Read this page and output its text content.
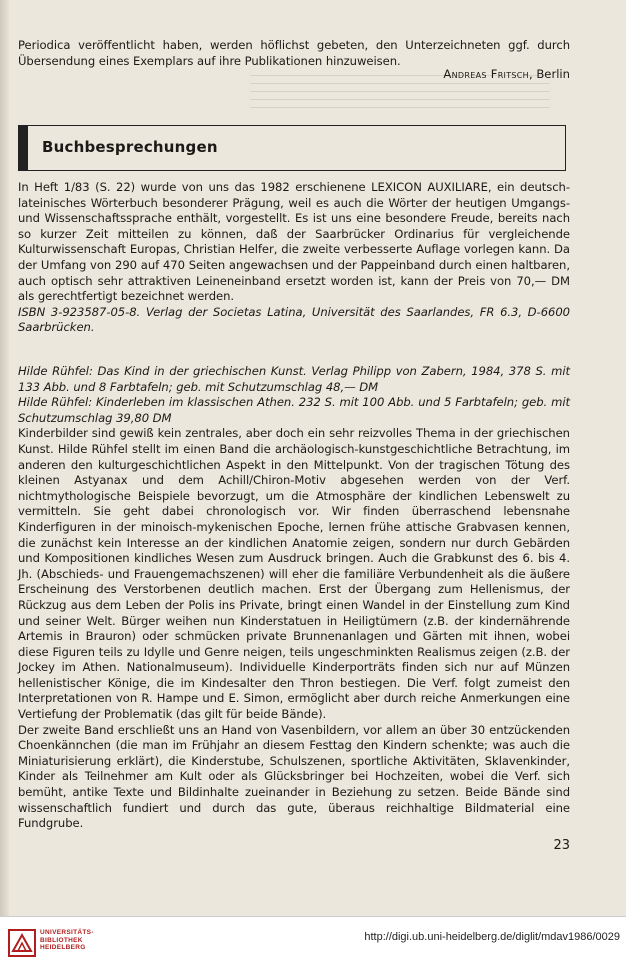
Periodica veröffentlicht haben, werden höflichst gebeten, den Unterzeichneten ggf. durch Übersendung eines Exemplars auf ihre Publikationen hinzuweisen.

Andreas Fritsch, Berlin
Buchbesprechungen

In Heft 1/83 (S. 22) wurde von uns das 1982 erschienene LEXICON AUXILIARE, ein deutsch-lateinisches Wörterbuch besonderer Prägung, weil es auch die Wörter der heutigen Umgangs- und Wissenschaftssprache enthält, vorgestellt. Es ist uns eine besondere Freude, bereits nach so kurzer Zeit mitteilen zu können, daß der Saarbrücker Ordinarius für vergleichende Kulturwissenschaft Europas, Christian Helfer, die zweite verbesserte Auflage vorlegen kann. Da der Umfang von 290 auf 470 Seiten angewachsen und der Pappeinband durch einen haltbaren, auch optisch sehr attraktiven Leineneinband ersetzt worden ist, kann der Preis von 70,— DM als gerechtfertigt bezeichnet werden.

ISBN 3-923587-05-8. Verlag der Societas Latina, Universität des Saarlandes, FR 6.3, D-6600 Saarbrücken.

Hilde Rühfel: Das Kind in der griechischen Kunst. Verlag Philipp von Zabern, 1984, 378 S. mit 133 Abb. und 8 Farbtafeln; geb. mit Schutzumschlag 48,— DM

Hilde Rühfel: Kinderleben im klassischen Athen. 232 S. mit 100 Abb. und 5 Farbtafeln; geb. mit Schutzumschlag 39,80 DM

Kinderbilder sind gewiß kein zentrales, aber doch ein sehr reizvolles Thema in der griechischen Kunst. Hilde Rühfel stellt im einen Band die archäologisch-kunstgeschichtliche Betrachtung, im anderen den kulturgeschichtlichen Aspekt in den Mittelpunkt. Von der tragischen Tötung des kleinen Astyanax und dem Achill/Chiron-Motiv abgesehen werden von der Verf. nichtmythologische Beispiele bevorzugt, um die Atmosphäre der kindlichen Lebenswelt zu vermitteln. Sie geht dabei chronologisch vor. Wir finden überraschend lebensnahe Kinderfiguren in der minoisch-mykenischen Epoche, lernen frühe attische Grabvasen kennen, die zunächst kein Interesse an der kindlichen Anatomie zeigen, sondern nur durch Gebärden und Kompositionen kindliches Wesen zum Ausdruck bringen. Auch die Grabkunst des 6. bis 4. Jh. (Abschieds- und Frauengemachszenen) will eher die familiäre Verbundenheit als die äußere Erscheinung des Verstorbenen deutlich machen. Erst der Übergang zum Hellenismus, der Rückzug aus dem Leben der Polis ins Private, bringt einen Wandel in der Einstellung zum Kind und seiner Welt. Bürger weihen nun Kinderstatuen in Heiligtümern (z.B. der kindernährende Artemis in Brauron) oder schmücken private Brunnenanlagen und Gärten mit ihnen, wobei diese Figuren teils zu Idylle und Genre neigen, teils ungeschminkten Realismus zeigen (z.B. der Jockey im Athen. Nationalmuseum). Individuelle Kinderporträts finden sich nur auf Münzen hellenistischer Könige, die im Kindesalter den Thron bestiegen. Die Verf. folgt zumeist den Interpretationen von R. Hampe und E. Simon, ermöglicht aber durch reiche Anmerkungen eine Vertiefung der Problematik (das gilt für beide Bände).

Der zweite Band erschließt uns an Hand von Vasenbildern, vor allem an über 30 entzückenden Choenkännchen (die man im Frühjahr an diesem Festtag den Kindern schenkte; was auch die Miniaturisierung erklärt), die Kinderstube, Schulszenen, sportliche Aktivitäten, Sklavenkinder, Kinder als Teilnehmer am Kult oder als Glücksbringer bei Hochzeiten, wobei die Verf. sich bemüht, antike Texte und Bildinhalte zueinander in Beziehung zu setzen. Beide Bände sind wissenschaftlich fundiert und durch das gute, überaus reichhaltige Bildmaterial eine Fundgrube.

23
UNIVERSITÄTS-
BIBLIOTHEK
HEIDELBERG
http://digi.ub.uni-heidelberg.de/diglit/mdav1986/0029
